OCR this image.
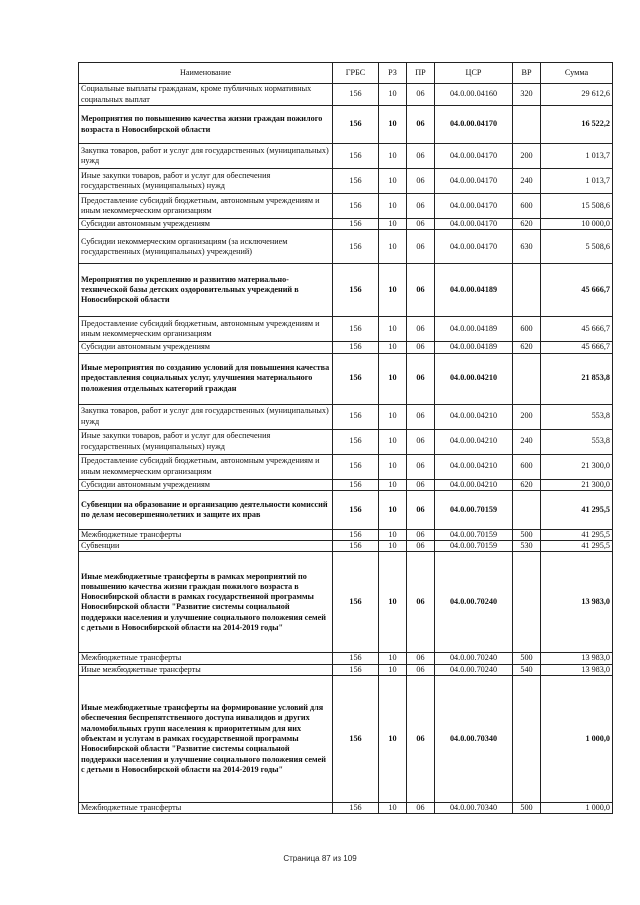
Наименование	ГРБС	РЗ	ПР	ЦСР	ВР	Сумма
Социальные выплаты гражданам, кроме публичных нормативных социальных выплат	156	10	06	04.0.00.04160	320	29 612,6
Мероприятия по повышению качества жизни граждан пожилого возраста в Новосибирской области	156	10	06	04.0.00.04170		16 522,2
Закупка товаров, работ и услуг для государственных (муниципальных) нужд	156	10	06	04.0.00.04170	200	1 013,7
Иные закупки товаров, работ и услуг для обеспечения государственных (муниципальных) нужд	156	10	06	04.0.00.04170	240	1 013,7
Предоставление субсидий бюджетным, автономным учреждениям и иным некоммерческим организациям	156	10	06	04.0.00.04170	600	15 508,6
Субсидии автономным учреждениям	156	10	06	04.0.00.04170	620	10 000,0
Субсидии некоммерческим организациям (за исключением государственных (муниципальных) учреждений)	156	10	06	04.0.00.04170	630	5 508,6
Мероприятия по укреплению и развитию материально-технической базы детских оздоровительных учреждений в Новосибирской области	156	10	06	04.0.00.04189		45 666,7
Предоставление субсидий бюджетным, автономным учреждениям и иным некоммерческим организациям	156	10	06	04.0.00.04189	600	45 666,7
Субсидии автономным учреждениям	156	10	06	04.0.00.04189	620	45 666,7
Иные мероприятия по созданию условий для повышения качества предоставления социальных услуг, улучшения материального положения отдельных категорий граждан	156	10	06	04.0.00.04210		21 853,8
Закупка товаров, работ и услуг для государственных (муниципальных) нужд	156	10	06	04.0.00.04210	200	553,8
Иные закупки товаров, работ и услуг для обеспечения государственных (муниципальных) нужд	156	10	06	04.0.00.04210	240	553,8
Предоставление субсидий бюджетным, автономным учреждениям и иным некоммерческим организациям	156	10	06	04.0.00.04210	600	21 300,0
Субсидии автономным учреждениям	156	10	06	04.0.00.04210	620	21 300,0
Субвенции на образование и организацию деятельности комиссий по делам несовершеннолетних и защите их прав	156	10	06	04.0.00.70159		41 295,5
Межбюджетные трансферты	156	10	06	04.0.00.70159	500	41 295,5
Субвенции	156	10	06	04.0.00.70159	530	41 295,5
Иные межбюджетные трансферты в рамках мероприятий по повышению качества жизни граждан пожилого возраста в Новосибирской области в рамках государственной программы Новосибирской области "Развитие системы социальной поддержки населения и улучшение социального положения семей с детьми в Новосибирской области на 2014-2019 годы"	156	10	06	04.0.00.70240		13 983,0
Межбюджетные трансферты	156	10	06	04.0.00.70240	500	13 983,0
Иные межбюджетные трансферты	156	10	06	04.0.00.70240	540	13 983,0
Иные межбюджетные трансферты на формирование условий для обеспечения беспрепятственного доступа инвалидов и других маломобильных групп населения к приоритетным для них объектам и услугам в рамках государственной программы Новосибирской области "Развитие системы социальной поддержки населения и улучшение социального положения семей с детьми в Новосибирской области на 2014-2019 годы"	156	10	06	04.0.00.70340		1 000,0
Межбюджетные трансферты	156	10	06	04.0.00.70340	500	1 000,0
Страница 87 из 109
